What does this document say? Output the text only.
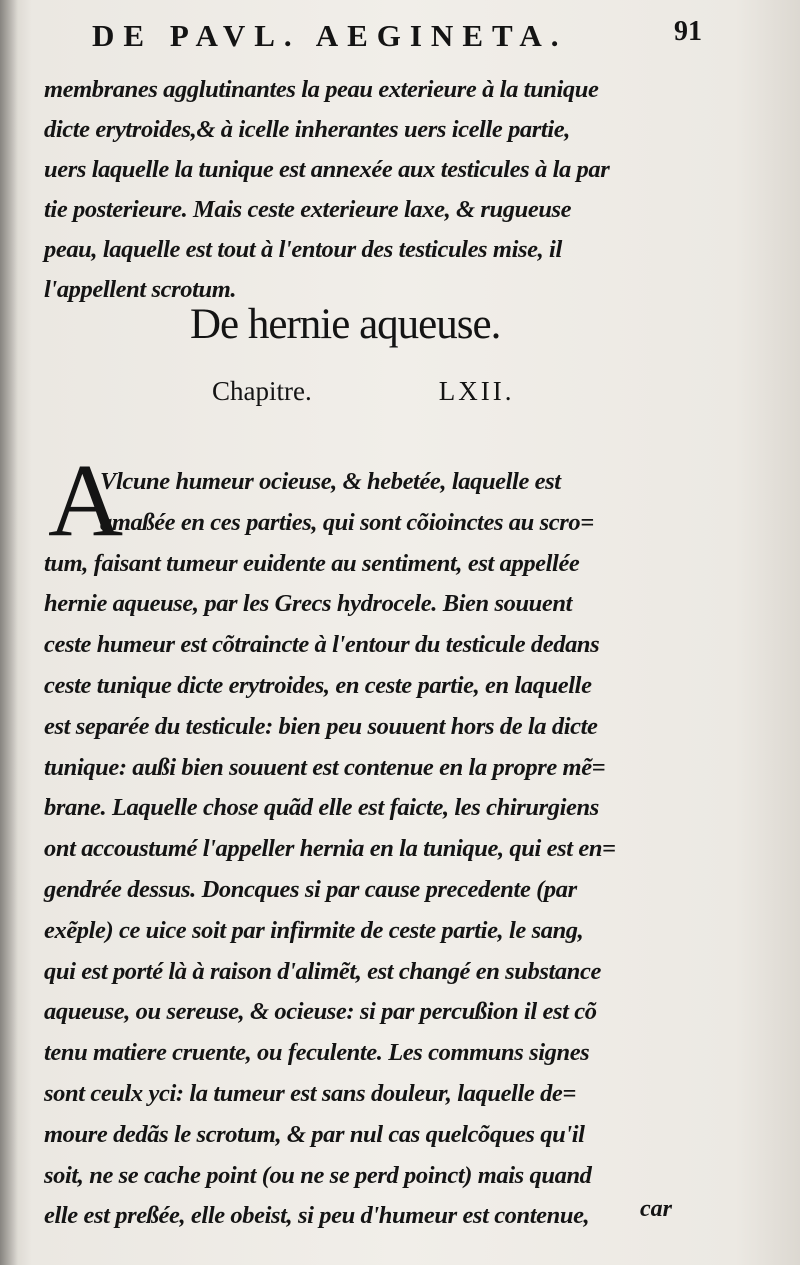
DE PAVL. AEGINETA.	91
membranes agglutinantes la peau exterieure à la tunique
dicte erytroides,& à icelle inherantes uers icelle partie,
uers laquelle la tunique est annexée aux testicules à la par
tie posterieure. Mais ceste exterieure laxe, & rugueuse
peau, laquelle est tout à l'entour des testicules mise, il
l'appellent scrotum.
De hernie aqueuse.
Chapitre.	LXII.
A
Vlcune humeur ocieuse, & hebetée, laquelle est
amaßée en ces parties, qui sont cõioinctes au scro=
tum, faisant tumeur euidente au sentiment, est appellée
hernie aqueuse, par les Grecs hydrocele. Bien souuent
ceste humeur est cõtraincte à l'entour du testicule dedans
ceste tunique dicte erytroides, en ceste partie, en laquelle
est separée du testicule: bien peu souuent hors de la dicte
tunique: außi bien souuent est contenue en la propre mẽ=
brane. Laquelle chose quãd elle est faicte, les chirurgiens
ont accoustumé l'appeller hernia en la tunique, qui est en=
gendrée dessus. Doncques si par cause precedente (par
exẽple) ce uice soit par infirmite de ceste partie, le sang,
qui est porté là à raison d'alimẽt, est changé en substance
aqueuse, ou sereuse, & ocieuse: si par percußion il est cõ
tenu matiere cruente, ou feculente. Les communs signes
sont ceulx yci: la tumeur est sans douleur, laquelle de=
moure dedãs le scrotum, & par nul cas quelcõques qu'il
soit, ne se cache point (ou ne se perd poinct) mais quand
elle est preßée, elle obeist, si peu d'humeur est contenue,	car
